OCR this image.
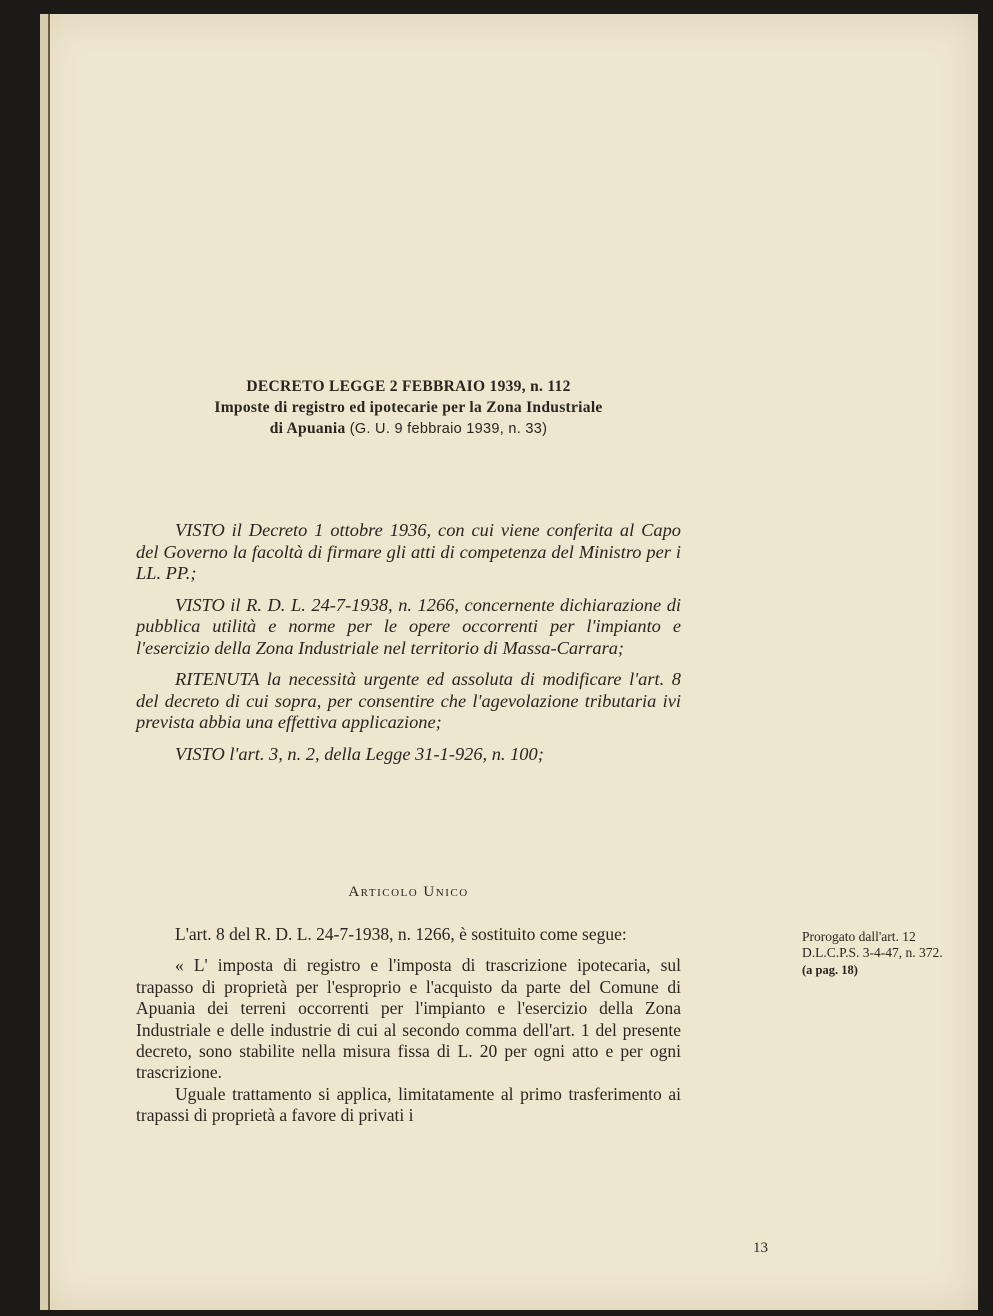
DECRETO LEGGE 2 FEBBRAIO 1939, n. 112
Imposte di registro ed ipotecarie per la Zona Industriale
di Apuania (G. U. 9 febbraio 1939, n. 33)

VISTO il Decreto 1 ottobre 1936, con cui viene conferita al Capo del Governo la facoltà di firmare gli atti di competenza del Ministro per i LL. PP.;

VISTO il R. D. L. 24-7-1938, n. 1266, concernente dichiarazione di pubblica utilità e norme per le opere occorrenti per l'impianto e l'esercizio della Zona Industriale nel territorio di Massa-Carrara;

RITENUTA la necessità urgente ed assoluta di modificare l'art. 8 del decreto di cui sopra, per consentire che l'agevolazione tributaria ivi prevista abbia una effettiva applicazione;

VISTO l'art. 3, n. 2, della Legge 31-1-926, n. 100;

Articolo Unico

L'art. 8 del R. D. L. 24-7-1938, n. 1266, è sostituito come segue:

« L' imposta di registro e l'imposta di trascrizione ipotecaria, sul trapasso di proprietà per l'esproprio e l'acquisto da parte del Comune di Apuania dei terreni occorrenti per l'impianto e l'esercizio della Zona Industriale e delle industrie di cui al secondo comma dell'art. 1 del presente decreto, sono stabilite nella misura fissa di L. 20 per ogni atto e per ogni trascrizione.

Uguale trattamento si applica, limitatamente al primo trasferimento ai trapassi di proprietà a favore di privati i

Prorogato dall'art. 12 D.L.C.P.S. 3-4-47, n. 372.
(a pag. 18)
13
